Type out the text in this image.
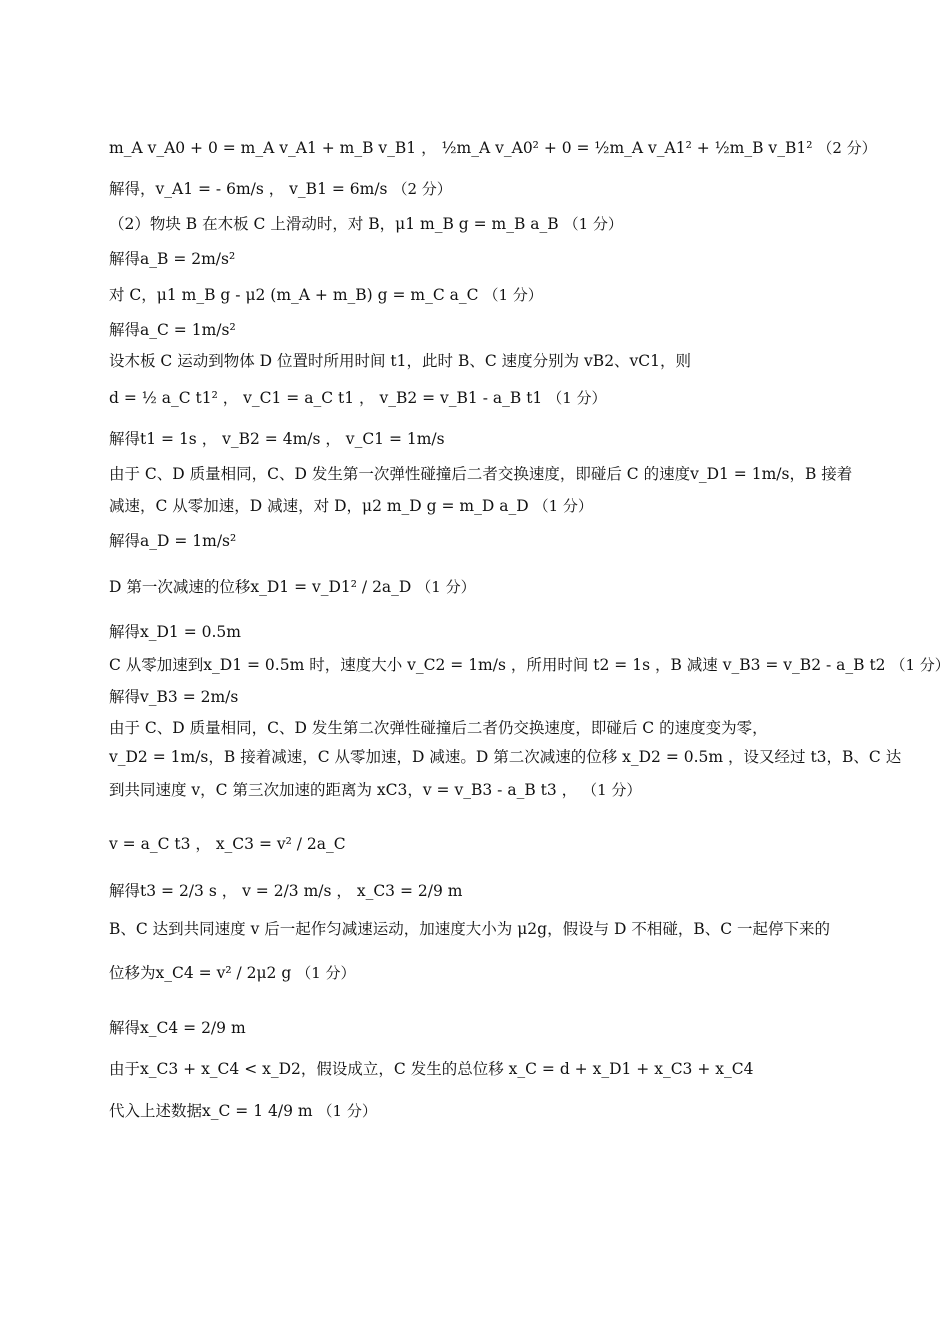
m_A v_A0 + 0 = m_A v_A1 + m_B v_B1 ， ½m_A v_A0² + 0 = ½m_A v_A1² + ½m_B v_B1² （2 分）
解得，v_A1 = - 6m/s ， v_B1 = 6m/s （2 分）
（2）物块 B 在木板 C 上滑动时，对 B，μ1 m_B g = m_B a_B （1 分）
解得a_B = 2m/s²
对 C，μ1 m_B g - μ2 (m_A + m_B) g = m_C a_C （1 分）
解得a_C = 1m/s²
设木板 C 运动到物体 D 位置时所用时间 t1，此时 B、C 速度分别为 vB2、vC1，则
d = ½ a_C t1² ， v_C1 = a_C t1 ， v_B2 = v_B1 - a_B t1 （1 分）
解得t1 = 1s ， v_B2 = 4m/s ， v_C1 = 1m/s
由于 C、D 质量相同，C、D 发生第一次弹性碰撞后二者交换速度，即碰后 C 的速度v_D1 = 1m/s，B 接着
减速，C 从零加速，D 减速，对 D，μ2 m_D g = m_D a_D （1 分）
解得a_D = 1m/s²
D 第一次减速的位移x_D1 = v_D1² / 2a_D （1 分）
解得x_D1 = 0.5m
C 从零加速到x_D1 = 0.5m 时，速度大小 v_C2 = 1m/s ，所用时间 t2 = 1s ，B 减速 v_B3 = v_B2 - a_B t2 （1 分）
解得v_B3 = 2m/s
由于 C、D 质量相同，C、D 发生第二次弹性碰撞后二者仍交换速度，即碰后 C 的速度变为零，
v_D2 = 1m/s，B 接着减速，C 从零加速，D 减速。D 第二次减速的位移 x_D2 = 0.5m ，设又经过 t3，B、C 达
到共同速度 v，C 第三次加速的距离为 xC3，v = v_B3 - a_B t3 ， （1 分）
v = a_C t3 ， x_C3 = v² / 2a_C
解得t3 = 2/3 s ， v = 2/3 m/s ， x_C3 = 2/9 m
B、C 达到共同速度 v 后一起作匀减速运动，加速度大小为 μ2g，假设与 D 不相碰，B、C 一起停下来的
位移为x_C4 = v² / 2μ2 g （1 分）
解得x_C4 = 2/9 m
由于x_C3 + x_C4 < x_D2，假设成立，C 发生的总位移 x_C = d + x_D1 + x_C3 + x_C4
代入上述数据x_C = 1 4/9 m （1 分）
